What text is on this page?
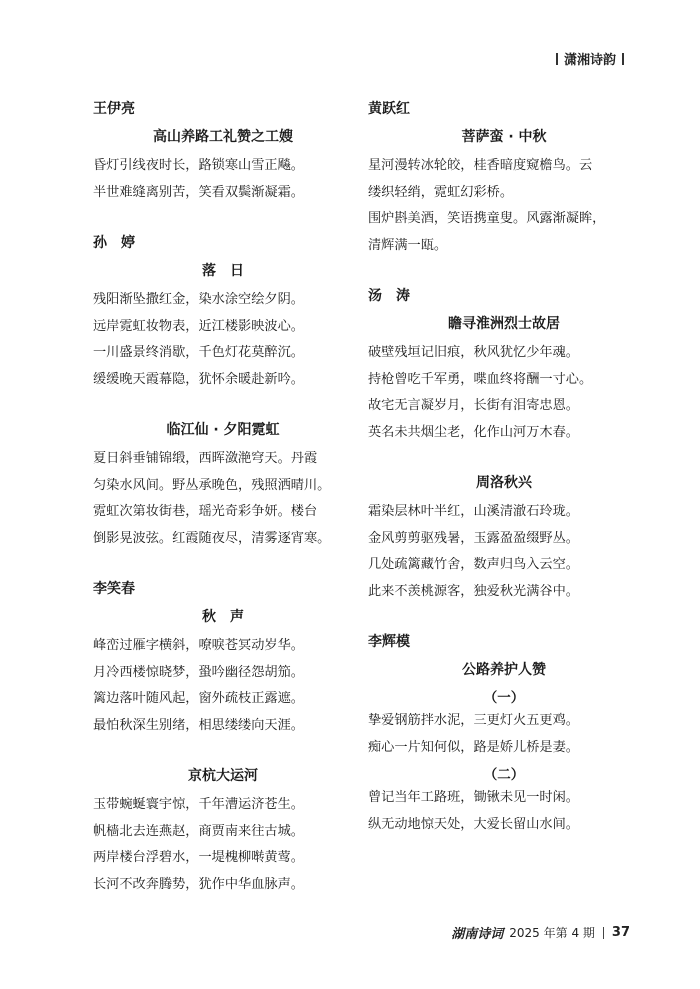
潇湘诗韵

王伊亮

高山养路工礼赞之工嫂

昏灯引线夜时长，路锁寒山雪正飚。

半世难缝离别苦，笑看双鬓渐凝霜。

孙　婷

落　日

残阳渐坠撒红金，染水涂空绘夕阴。

远岸霓虹妆物表，近江楼影映波心。

一川盛景终消歇，千色灯花莫醉沉。

缓缓晚天霞幕隐，犹怀余暖赴新吟。

临江仙 · 夕阳霓虹

夏日斜垂铺锦缎，西晖潋滟穹天。丹霞

匀染水风间。野丛承晚色，残照洒晴川。

霓虹次第妆街巷，瑶光奇彩争妍。楼台

倒影晃波弦。红霞随夜尽，清雾逐宵寒。

李笑春

秋　声

峰峦过雁字横斜，嘹唳苍冥动岁华。

月冷西楼惊晓梦，蛩吟幽径怨胡笳。

篱边落叶随风起，窗外疏枝正露遮。

最怕秋深生别绪，相思缕缕向天涯。

京杭大运河

玉带蜿蜒寰宇惊，千年漕运济苍生。

帆樯北去连燕赵，商贾南来往古城。

两岸楼台浮碧水，一堤槐柳啭黄莺。

长河不改奔腾势，犹作中华血脉声。

黄跃红

菩萨蛮 · 中秋

星河漫转冰轮皎，桂香暗度窥檐鸟。云

缕织轻绡，霓虹幻彩桥。

围炉斟美酒，笑语携童叟。风露渐凝眸，

清辉满一瓯。

汤　涛

瞻寻淮洲烈士故居

破壁残垣记旧痕，秋风犹忆少年魂。

持枪曾吃千军勇，喋血终将酬一寸心。

故宅无言凝岁月，长街有泪寄忠恩。

英名未共烟尘老，化作山河万木春。

周洛秋兴

霜染层林叶半红，山溪清澈石玲珑。

金风剪剪驱残暑，玉露盈盈缀野丛。

几处疏篱藏竹舍，数声归鸟入云空。

此来不羡桃源客，独爱秋光满谷中。

李辉模

公路养护人赞

（一）

挚爱钢筋拌水泥，三更灯火五更鸡。

痴心一片知何似，路是娇儿桥是妻。

（二）

曾记当年工路班，锄锹未见一时闲。

纵无动地惊天处，大爱长留山水间。

湖南诗词 2025 年第 4 期 37
